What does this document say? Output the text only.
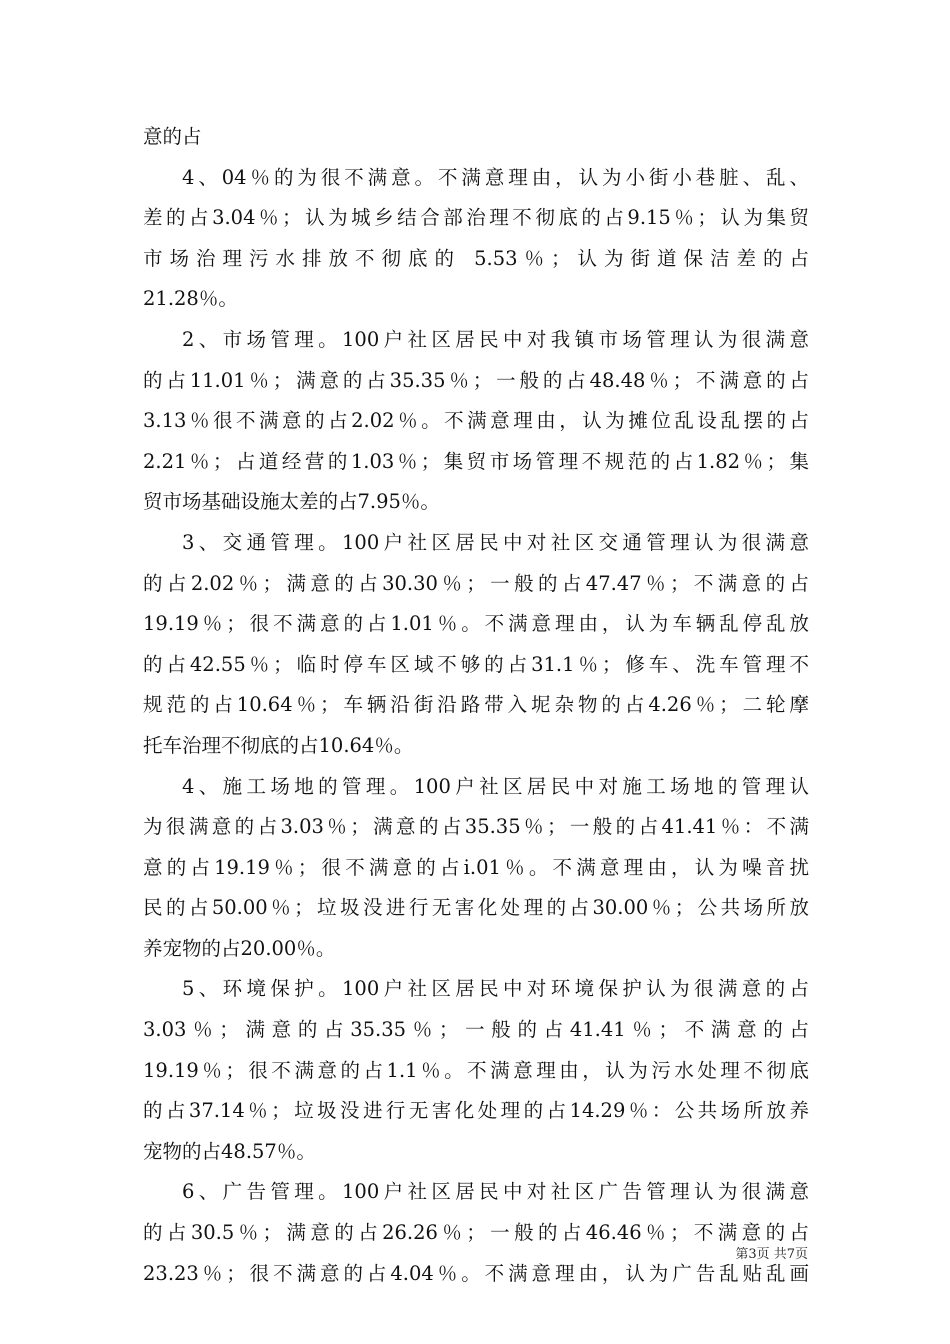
意的占
4、04％的为很不满意。不满意理由，认为小街小巷脏、乱、
差的占3.04％；认为城乡结合部治理不彻底的占9.15％；认为集贸
市场治理污水排放不彻底的 5.53％；认为街道保洁差的占
21.28％。
2、市场管理。100户社区居民中对我镇市场管理认为很满意
的占11.01％；满意的占35.35％；一般的占48.48％；不满意的占
3.13％很不满意的占2.02％。不满意理由，认为摊位乱设乱摆的占
2.21％；占道经营的1.03％；集贸市场管理不规范的占1.82％；集
贸市场基础设施太差的占7.95％。
3、交通管理。100户社区居民中对社区交通管理认为很满意
的占2.02％；满意的占30.30％；一般的占47.47％；不满意的占
19.19％；很不满意的占1.01％。不满意理由，认为车辆乱停乱放
的占42.55％；临时停车区域不够的占31.1％；修车、洗车管理不
规范的占10.64％；车辆沿街沿路带入坭杂物的占4.26％；二轮摩
托车治理不彻底的占10.64％。
4、施工场地的管理。100户社区居民中对施工场地的管理认
为很满意的占3.03％；满意的占35.35％；一般的占41.41％：不满
意的占19.19％；很不满意的占i.01％。不满意理由，认为噪音扰
民的占50.00％；垃圾没进行无害化处理的占30.00％；公共场所放
养宠物的占20.00％。
5、环境保护。100户社区居民中对环境保护认为很满意的占
3.03％；满意的占35.35％；一般的占41.41％；不满意的占
19.19％；很不满意的占1.1％。不满意理由，认为污水处理不彻底
的占37.14％；垃圾没进行无害化处理的占14.29％：公共场所放养
宠物的占48.57％。
6、广告管理。100户社区居民中对社区广告管理认为很满意
的占30.5％；满意的占26.26％；一般的占46.46％；不满意的占
23.23％；很不满意的占4.04％。不满意理由，认为广告乱贴乱画
第3页 共7页
